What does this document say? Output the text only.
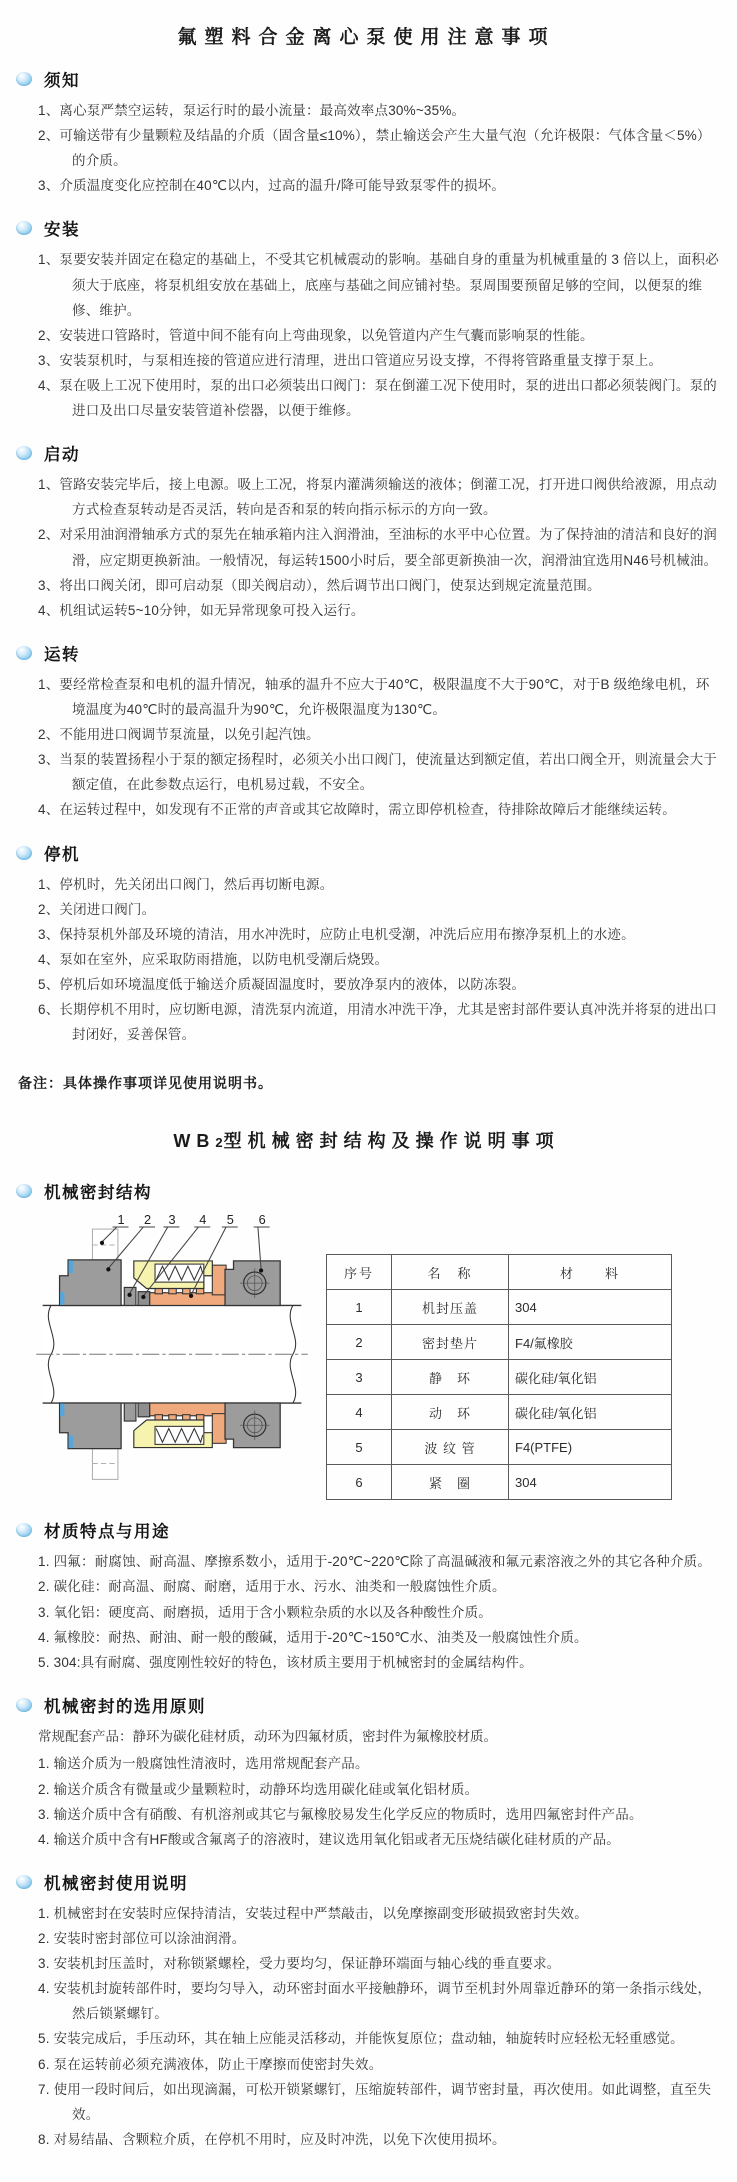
氟塑料合金离心泵使用注意事项
须知
1、离心泵严禁空运转，泵运行时的最小流量：最高效率点30%~35%。
2、可输送带有少量颗粒及结晶的介质（固含量≤10%），禁止输送会产生大量气泡（允许极限：气体含量＜5%）的介质。
3、介质温度变化应控制在40℃以内，过高的温升/降可能导致泵零件的损坏。
安装
1、泵要安装并固定在稳定的基础上，不受其它机械震动的影响。基础自身的重量为机械重量的 3 倍以上，面积必须大于底座，将泵机组安放在基础上，底座与基础之间应铺衬垫。泵周围要预留足够的空间，以便泵的维修、维护。
2、安装进口管路时，管道中间不能有向上弯曲现象，以免管道内产生气囊而影响泵的性能。
3、安装泵机时，与泵相连接的管道应进行清理，进出口管道应另设支撑，不得将管路重量支撑于泵上。
4、泵在吸上工况下使用时，泵的出口必须装出口阀门：泵在倒灌工况下使用时，泵的进出口都必须装阀门。泵的进口及出口尽量安装管道补偿器，以便于维修。
启动
1、管路安装完毕后，接上电源。吸上工况，将泵内灌满须输送的液体；倒灌工况，打开进口阀供给液源，用点动方式检查泵转动是否灵活，转向是否和泵的转向指示标示的方向一致。
2、对采用油润滑轴承方式的泵先在轴承箱内注入润滑油，至油标的水平中心位置。为了保持油的清洁和良好的润滑，应定期更换新油。一般情况，每运转1500小时后，要全部更新换油一次，润滑油宜选用N46号机械油。
3、将出口阀关闭，即可启动泵（即关阀启动），然后调节出口阀门，使泵达到规定流量范围。
4、机组试运转5~10分钟，如无异常现象可投入运行。
运转
1、要经常检查泵和电机的温升情况，轴承的温升不应大于40℃，极限温度不大于90℃，对于B 级绝缘电机，环境温度为40℃时的最高温升为90℃，允许极限温度为130℃。
2、不能用进口阀调节泵流量，以免引起汽蚀。
3、当泵的装置扬程小于泵的额定扬程时，必须关小出口阀门，使流量达到额定值，若出口阀全开，则流量会大于额定值，在此参数点运行，电机易过载，不安全。
4、在运转过程中，如发现有不正常的声音或其它故障时，需立即停机检查，待排除故障后才能继续运转。
停机
1、停机时，先关闭出口阀门，然后再切断电源。
2、关闭进口阀门。
3、保持泵机外部及环境的清洁，用水冲洗时，应防止电机受潮，冲洗后应用布擦净泵机上的水迹。
4、泵如在室外，应采取防雨措施，以防电机受潮后烧毁。
5、停机后如环境温度低于输送介质凝固温度时，要放净泵内的液体，以防冻裂。
6、长期停机不用时，应切断电源，清洗泵内流道，用清水冲洗干净，尤其是密封部件要认真冲洗并将泵的进出口封闭好，妥善保管。
备注：具体操作事项详见使用说明书。
WB2型机械密封结构及操作说明事项
机械密封结构
1 2 3 4 5 6
序号	名　称	材　　料
1	机封压盖	304
2	密封垫片	F4/氟橡胶
3	静　环	碳化硅/氧化铝
4	动　环	碳化硅/氧化铝
5	波 纹 管	F4(PTFE)
6	紧　圈	304
材质特点与用途
1. 四氟：耐腐蚀、耐高温、摩擦系数小，适用于-20℃~220℃除了高温碱液和氟元素溶液之外的其它各种介质。
2. 碳化硅：耐高温、耐腐、耐磨，适用于水、污水、油类和一般腐蚀性介质。
3. 氧化铝：硬度高、耐磨损，适用于含小颗粒杂质的水以及各种酸性介质。
4. 氟橡胶：耐热、耐油、耐一般的酸碱，适用于-20℃~150℃水、油类及一般腐蚀性介质。
5. 304:具有耐腐、强度刚性较好的特色，该材质主要用于机械密封的金属结构件。
机械密封的选用原则
常规配套产品：静环为碳化硅材质，动环为四氟材质，密封件为氟橡胶材质。
1. 输送介质为一般腐蚀性清液时，选用常规配套产品。
2. 输送介质含有微量或少量颗粒时，动静环均选用碳化硅或氧化铝材质。
3. 输送介质中含有硝酸、有机溶剂或其它与氟橡胶易发生化学反应的物质时，选用四氟密封件产品。
4. 输送介质中含有HF酸或含氟离子的溶液时，建议选用氧化铝或者无压烧结碳化硅材质的产品。
机械密封使用说明
1. 机械密封在安装时应保持清洁，安装过程中严禁敲击，以免摩擦副变形破损致密封失效。
2. 安装时密封部位可以涂油润滑。
3. 安装机封压盖时，对称锁紧螺栓，受力要均匀，保证静环端面与轴心线的垂直要求。
4. 安装机封旋转部件时，要均匀导入，动环密封面水平接触静环，调节至机封外周靠近静环的第一条指示线处，然后锁紧螺钉。
5. 安装完成后，手压动环，其在轴上应能灵活移动，并能恢复原位；盘动轴，轴旋转时应轻松无轻重感觉。
6. 泵在运转前必须充满液体，防止干摩擦而使密封失效。
7. 使用一段时间后，如出现滴漏，可松开锁紧螺钉，压缩旋转部件，调节密封量，再次使用。如此调整，直至失效。
8. 对易结晶、含颗粒介质，在停机不用时，应及时冲洗，以免下次使用损坏。
